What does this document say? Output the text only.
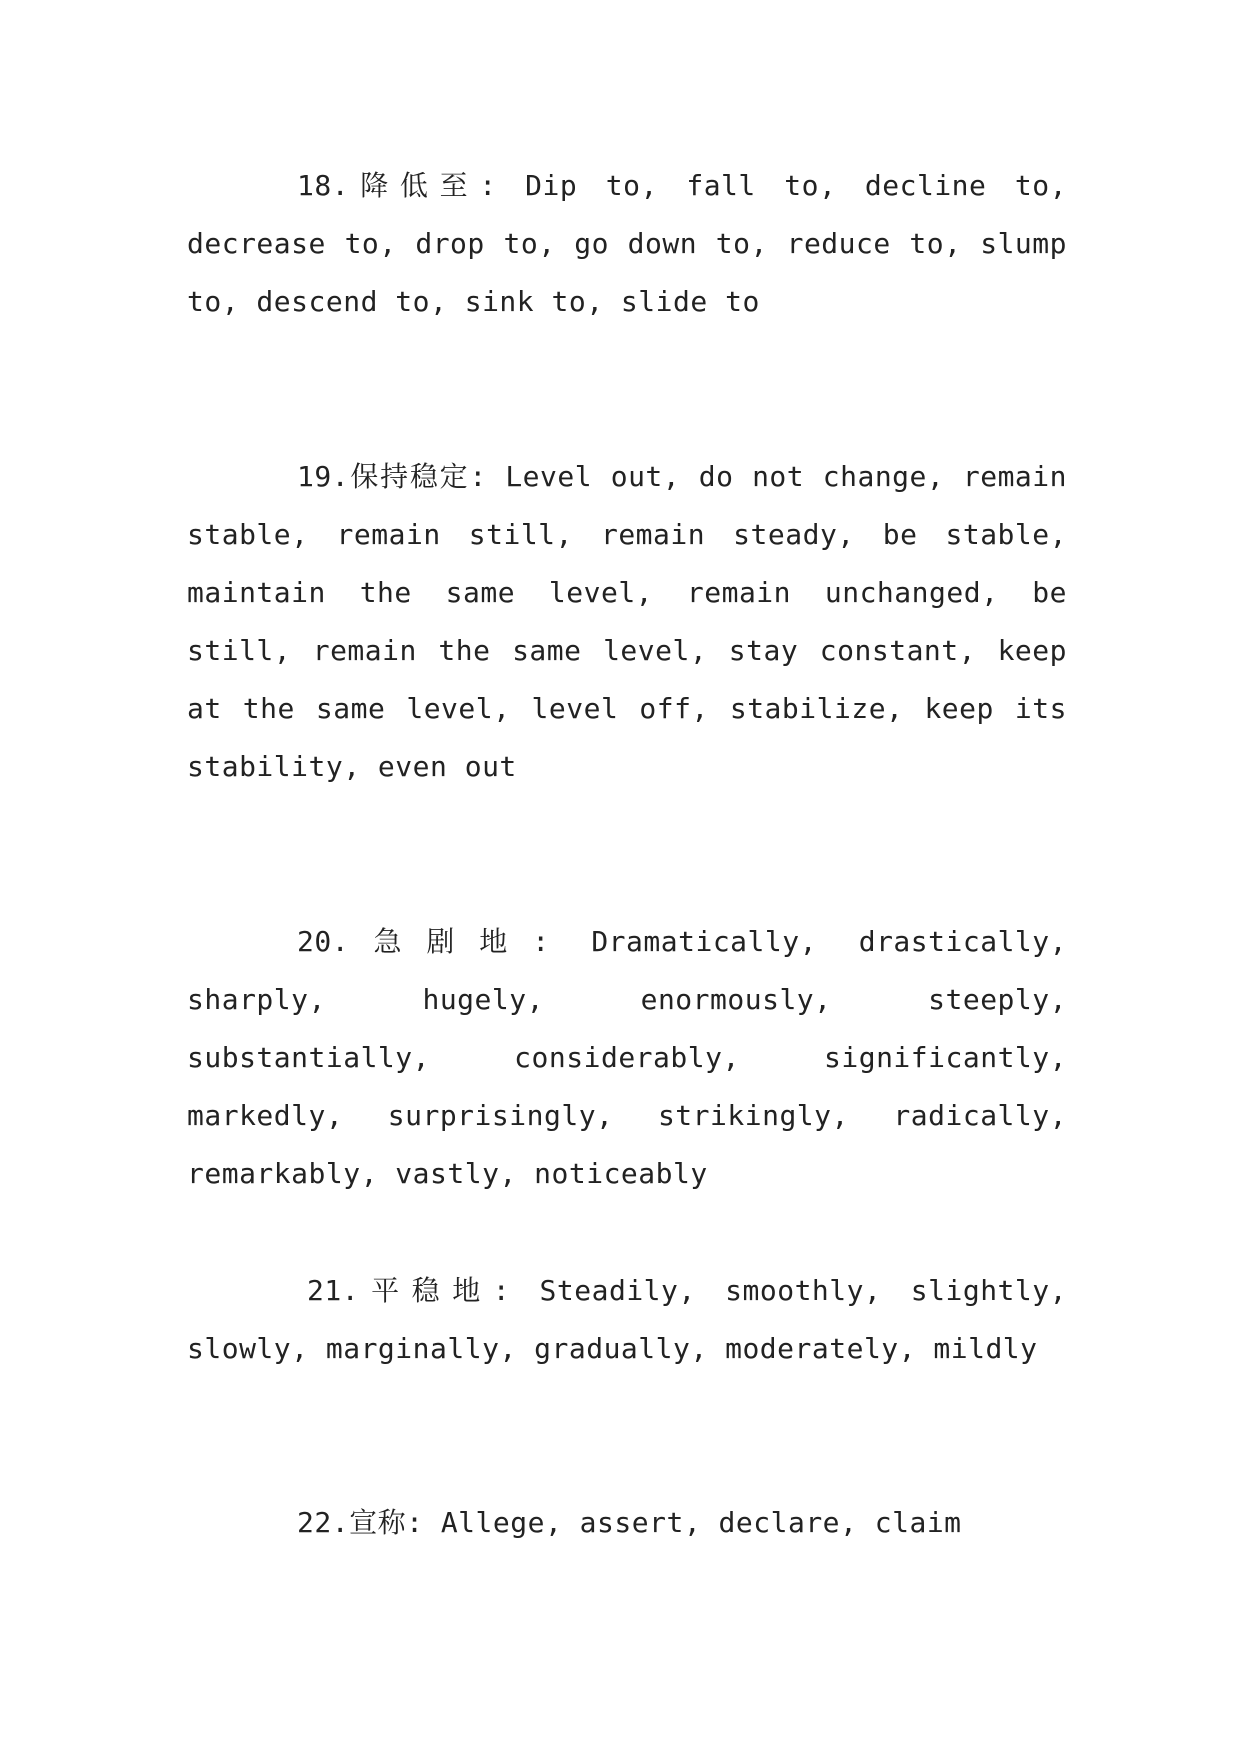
18.降低至: Dip to, fall to, decline to, decrease to, drop to, go down to, reduce to, slump to, descend to, sink to, slide to

19.保持稳定: Level out, do not change, remain stable, remain still, remain steady, be stable, maintain the same level, remain unchanged, be still, remain the same level, stay constant, keep at the same level, level off, stabilize, keep its stability, even out

20.急剧地: Dramatically, drastically, sharply, hugely, enormously, steeply, substantially, considerably, significantly, markedly, surprisingly, strikingly, radically, remarkably, vastly, noticeably

21.平稳地: Steadily, smoothly, slightly, slowly, marginally, gradually, moderately, mildly

22.宣称: Allege, assert, declare, claim
